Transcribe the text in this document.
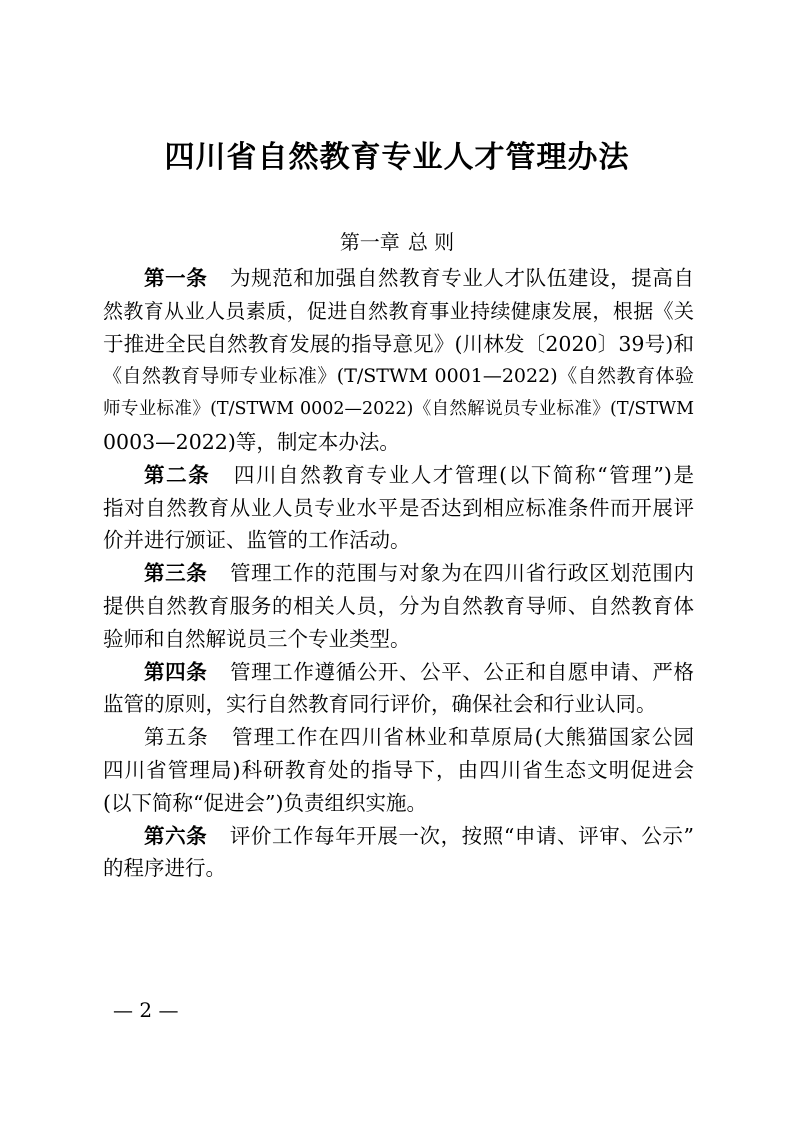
四川省自然教育专业人才管理办法
第一章 总 则
第一条 为规范和加强自然教育专业人才队伍建设，提高自
然教育从业人员素质，促进自然教育事业持续健康发展，根据《关
于推进全民自然教育发展的指导意见》(川林发〔2020〕39号)和
《自然教育导师专业标准》(T/STWM 0001—2022)《自然教育体验
师专业标准》(T/STWM 0002—2022)《自然解说员专业标准》(T/STWM
0003—2022)等，制定本办法。
第二条 四川自然教育专业人才管理(以下简称“管理”)是
指对自然教育从业人员专业水平是否达到相应标准条件而开展评
价并进行颁证、监管的工作活动。
第三条 管理工作的范围与对象为在四川省行政区划范围内
提供自然教育服务的相关人员，分为自然教育导师、自然教育体
验师和自然解说员三个专业类型。
第四条 管理工作遵循公开、公平、公正和自愿申请、严格
监管的原则，实行自然教育同行评价，确保社会和行业认同。
第五条 管理工作在四川省林业和草原局(大熊猫国家公园
四川省管理局)科研教育处的指导下，由四川省生态文明促进会
(以下简称“促进会”)负责组织实施。
第六条 评价工作每年开展一次，按照“申请、评审、公示”
的程序进行。
— 2 —
